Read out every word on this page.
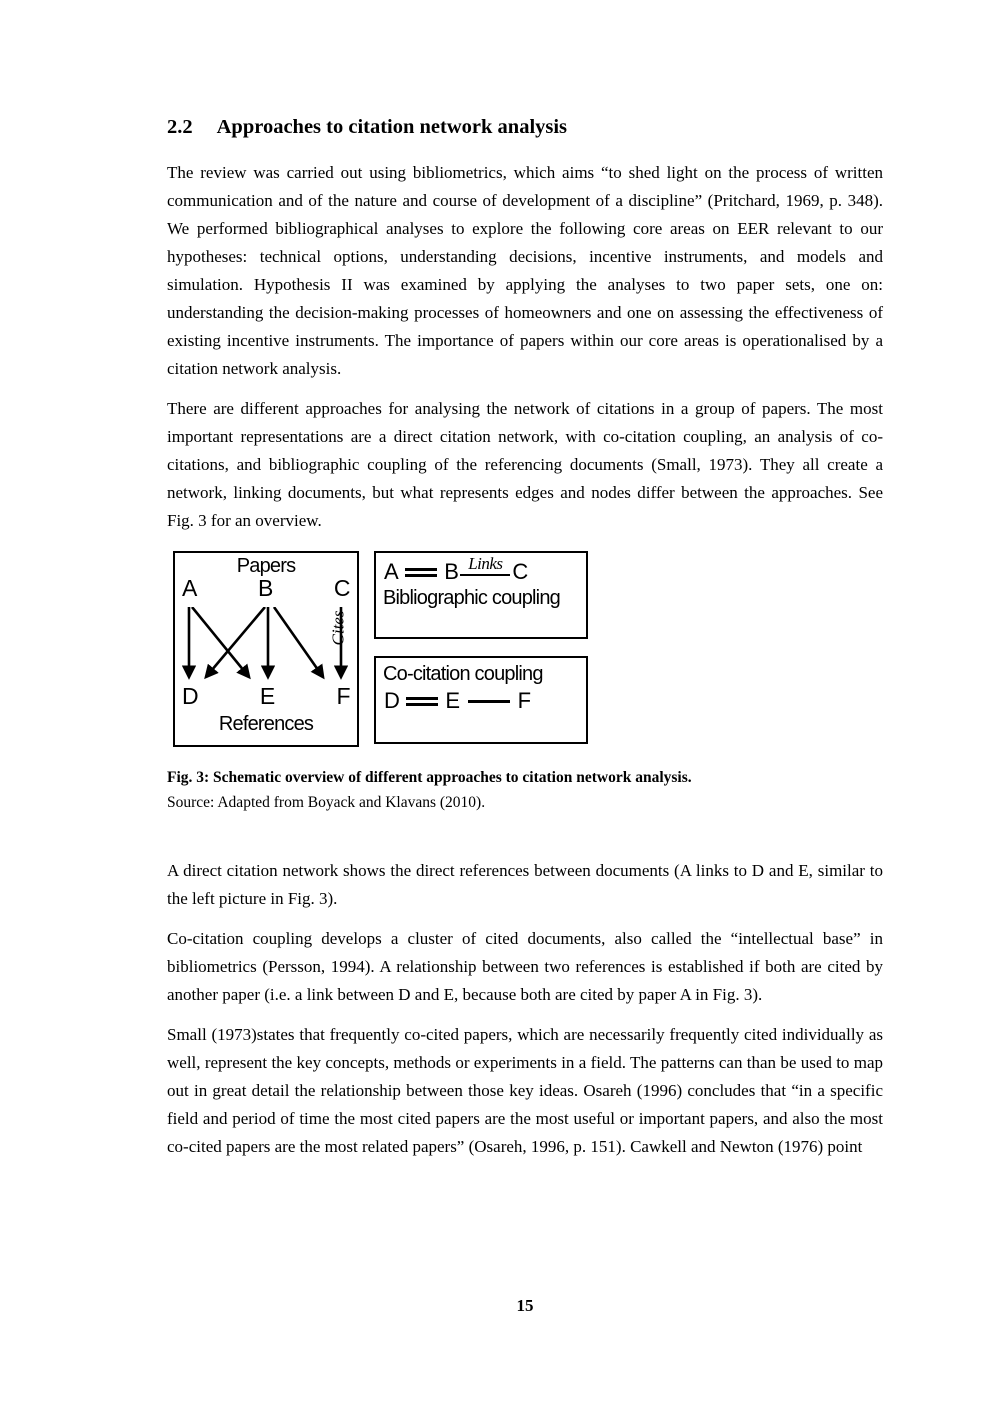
2.2 Approaches to citation network analysis

The review was carried out using bibliometrics, which aims “to shed light on the process of written communication and of the nature and course of development of a discipline” (Pritchard, 1969, p. 348). We performed bibliographical analyses to explore the following core areas on EER relevant to our hypotheses: technical options, understanding decisions, incentive instruments, and models and simulation. Hypothesis II was examined by applying the analyses to two paper sets, one on: understanding the decision-making processes of homeowners and one on assessing the effectiveness of existing incentive instruments. The importance of papers within our core areas is operationalised by a citation network analysis.

There are different approaches for analysing the network of citations in a group of papers. The most important representations are a direct citation network, with co-citation coupling, an analysis of co-citations, and bibliographic coupling of the referencing documents (Small, 1973). They all create a network, linking documents, but what represents edges and nodes differ between the approaches. See Fig. 3 for an overview.

Papers
A	B	C
Cites
D	E	F
References
A B Links C
Bibliographic coupling
Co-citation coupling
D E	F
Fig. 3: Schematic overview of different approaches to citation network analysis.
Source: Adapted from Boyack and Klavans (2010).

A direct citation network shows the direct references between documents (A links to D and E, similar to the left picture in Fig. 3).

Co-citation coupling develops a cluster of cited documents, also called the “intellectual base” in bibliometrics (Persson, 1994). A relationship between two references is established if both are cited by another paper (i.e. a link between D and E, because both are cited by paper A in Fig. 3).

Small (1973)states that frequently co-cited papers, which are necessarily frequently cited individually as well, represent the key concepts, methods or experiments in a field. The patterns can than be used to map out in great detail the relationship between those key ideas. Osareh (1996) concludes that “in a specific field and period of time the most cited papers are the most useful or important papers, and also the most co-cited papers are the most related papers” (Osareh, 1996, p. 151). Cawkell and Newton (1976) point

15
